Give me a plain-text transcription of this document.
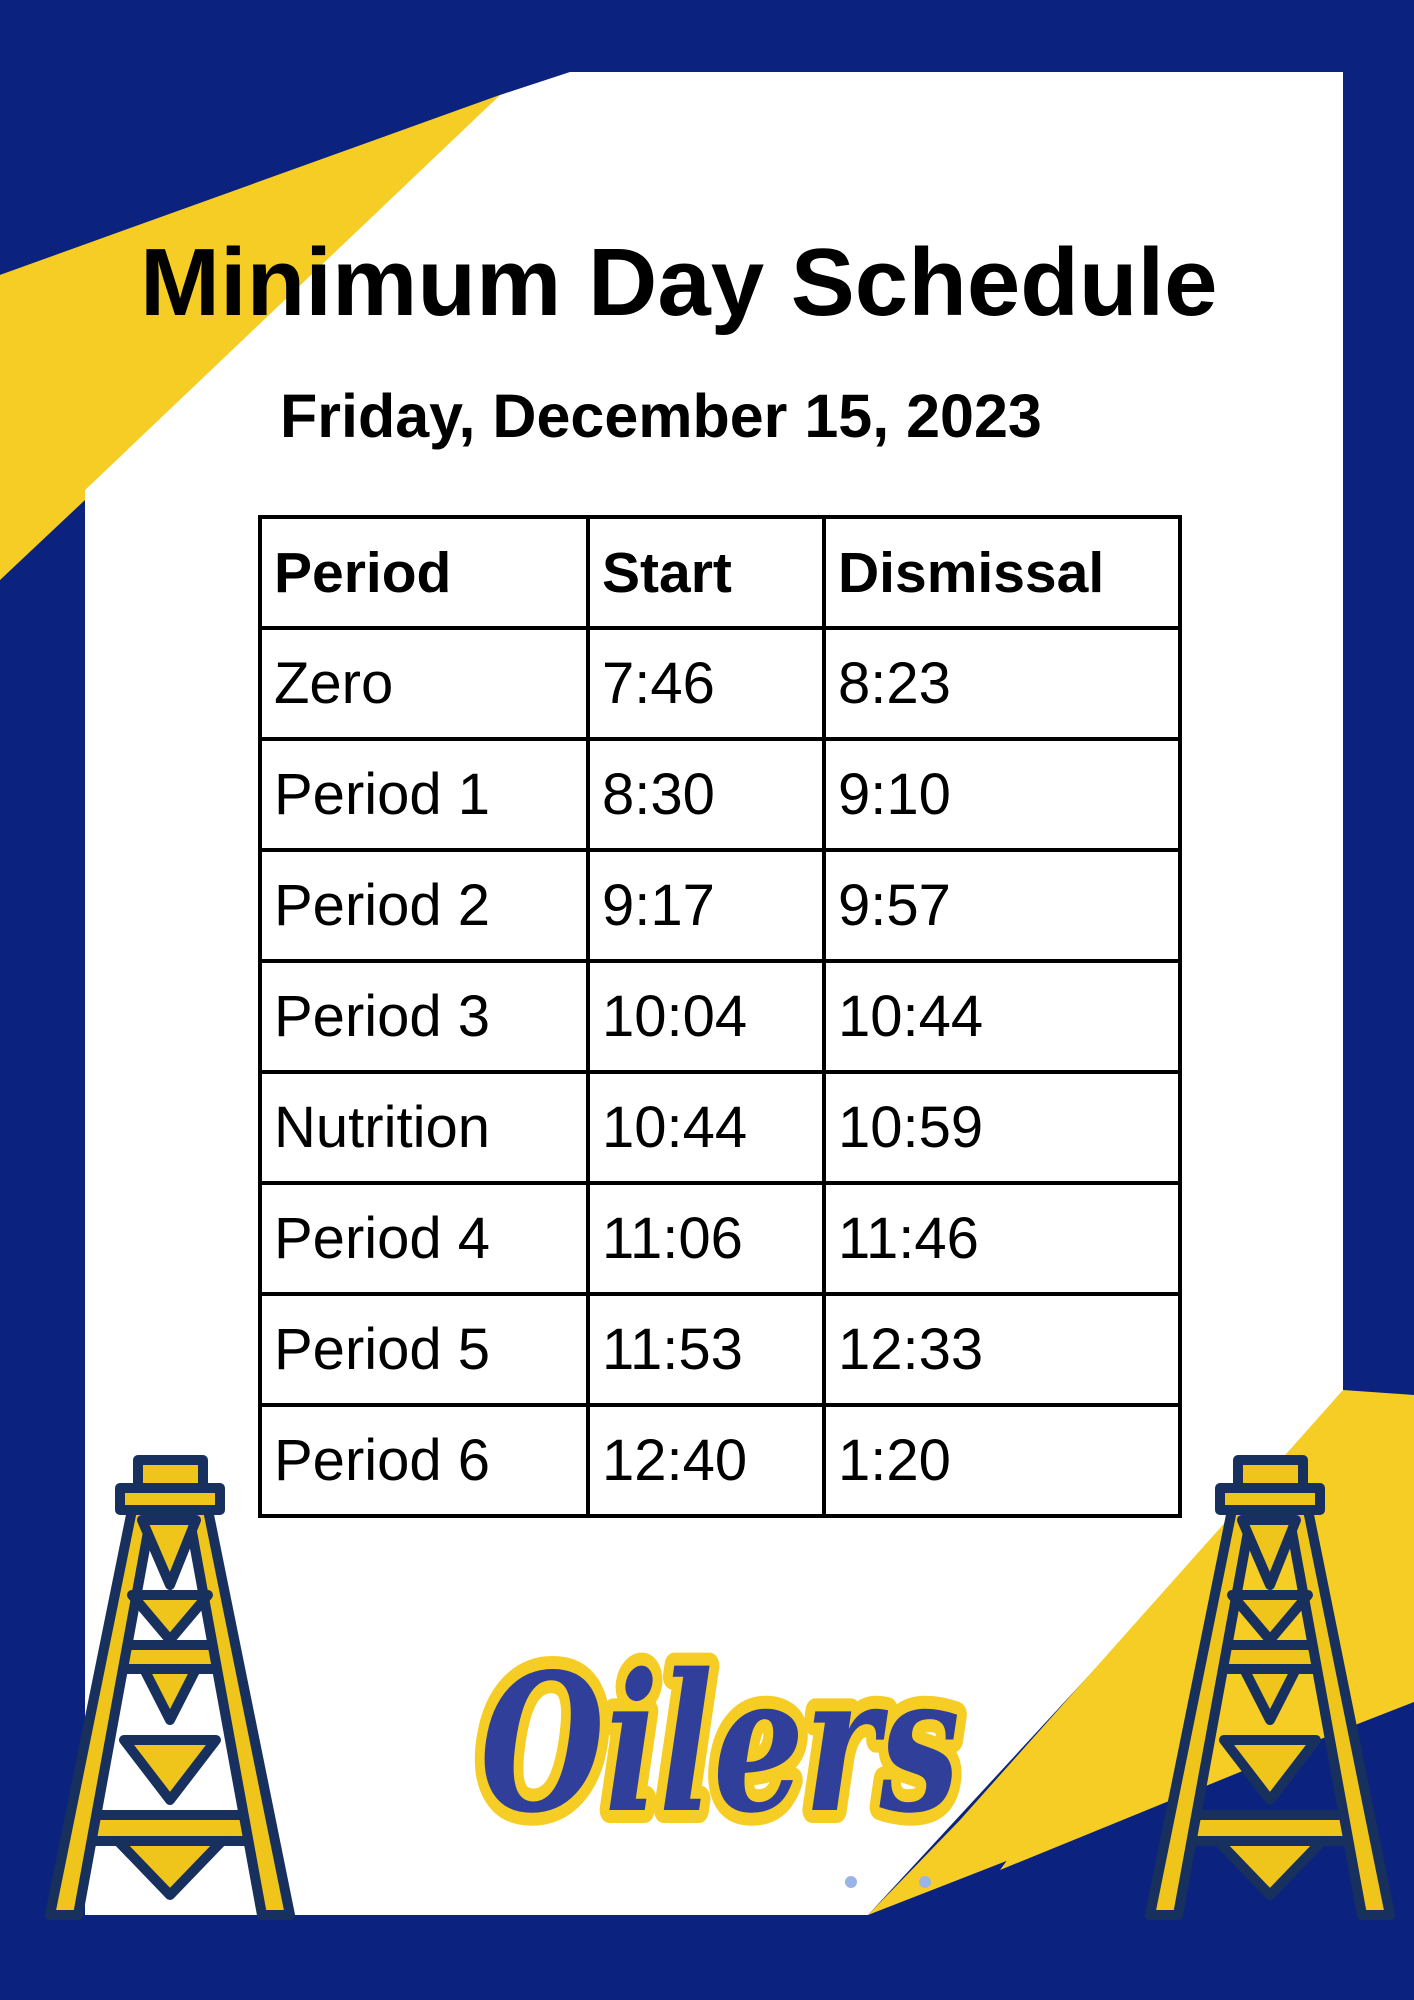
Minimum Day Schedule
Friday, December 15, 2023
Period	Start	Dismissal
Zero	7:46	8:23
Period 1	8:30	9:10
Period 2	9:17	9:57
Period 3	10:04	10:44
Nutrition	10:44	10:59
Period 4	11:06	11:46
Period 5	11:53	12:33
Period 6	12:40	1:20
Oilers
Oilers
